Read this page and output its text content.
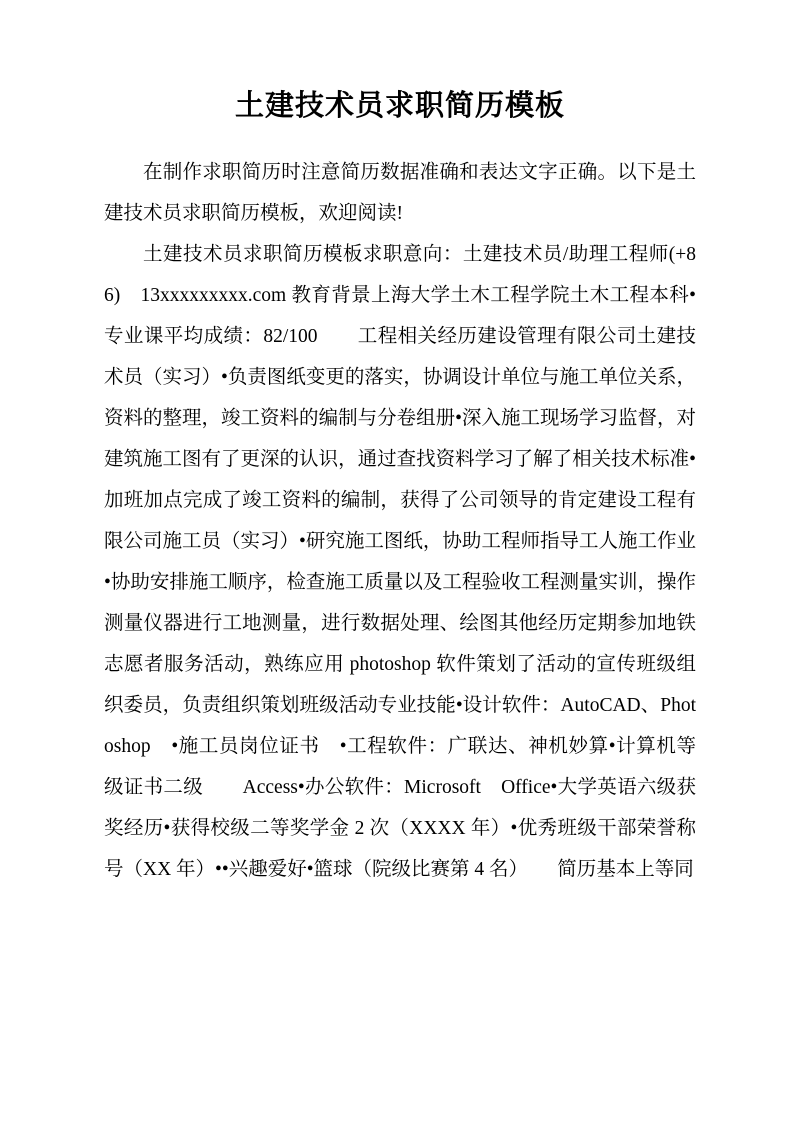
土建技术员求职简历模板

在制作求职简历时注意简历数据准确和表达文字正确。以下是土建技术员求职简历模板，欢迎阅读!

土建技术员求职简历模板求职意向：土建技术员/助理工程师(+86)　13xxxxxxxxx.com 教育背景上海大学土木工程学院土木工程本科•专业课平均成绩：82/100　　工程相关经历建设管理有限公司土建技术员（实习）•负责图纸变更的落实，协调设计单位与施工单位关系，资料的整理，竣工资料的编制与分卷组册•深入施工现场学习监督，对建筑施工图有了更深的认识，通过查找资料学习了解了相关技术标准•加班加点完成了竣工资料的编制，获得了公司领导的肯定建设工程有限公司施工员（实习）•研究施工图纸，协助工程师指导工人施工作业•协助安排施工顺序，检查施工质量以及工程验收工程测量实训，操作测量仪器进行工地测量，进行数据处理、绘图其他经历定期参加地铁志愿者服务活动，熟练应用 photoshop 软件策划了活动的宣传班级组织委员，负责组织策划班级活动专业技能•设计软件：AutoCAD、Photoshop　•施工员岗位证书　•工程软件：广联达、神机妙算•计算机等级证书二级　　Access•办公软件：Microsoft　Office•大学英语六级获奖经历•获得校级二等奖学金 2 次（XXXX 年）•优秀班级干部荣誉称号（XX 年）••兴趣爱好•篮球（院级比赛第 4 名）　　简历基本上等同
